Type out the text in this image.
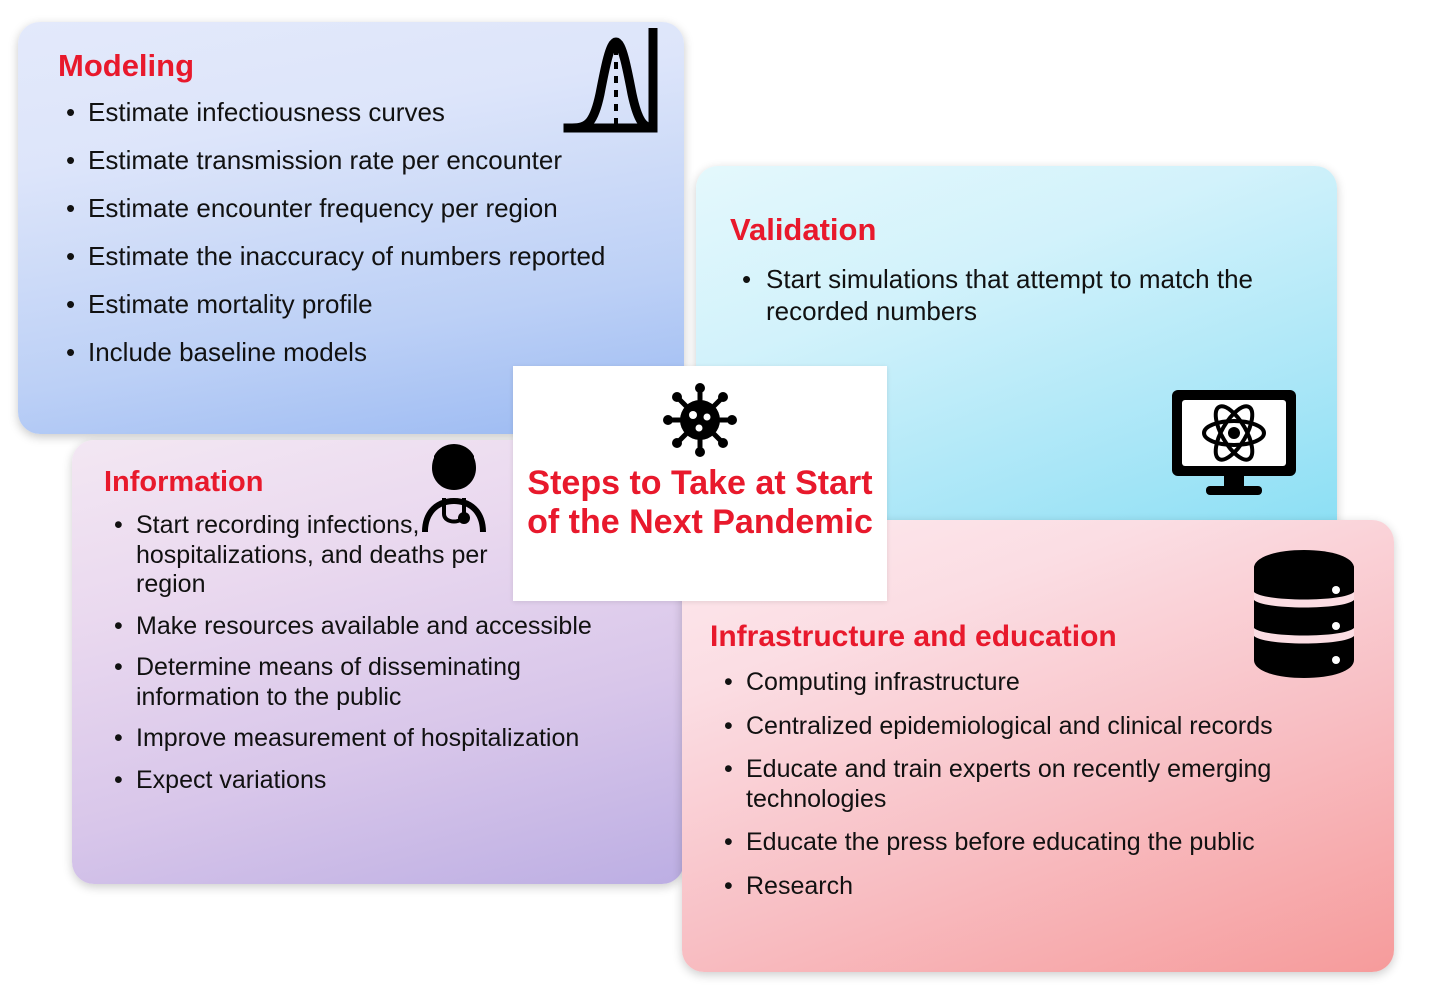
Modeling
• Estimate infectiousness curves
• Estimate transmission rate per encounter
• Estimate encounter frequency per region
• Estimate the inaccuracy of numbers reported
• Estimate mortality profile
• Include baseline models
Validation
• Start simulations that attempt to match the recorded numbers
Information
• Start recording infections, hospitalizations, and deaths per region
• Make resources available and accessible
• Determine means of disseminating information to the public
• Improve measurement of hospitalization
• Expect variations
Infrastructure and education
• Computing infrastructure
• Centralized epidemiological and clinical records
• Educate and train experts on recently emerging technologies
• Educate the press before educating the public
• Research
Steps to Take at Start of the Next Pandemic
